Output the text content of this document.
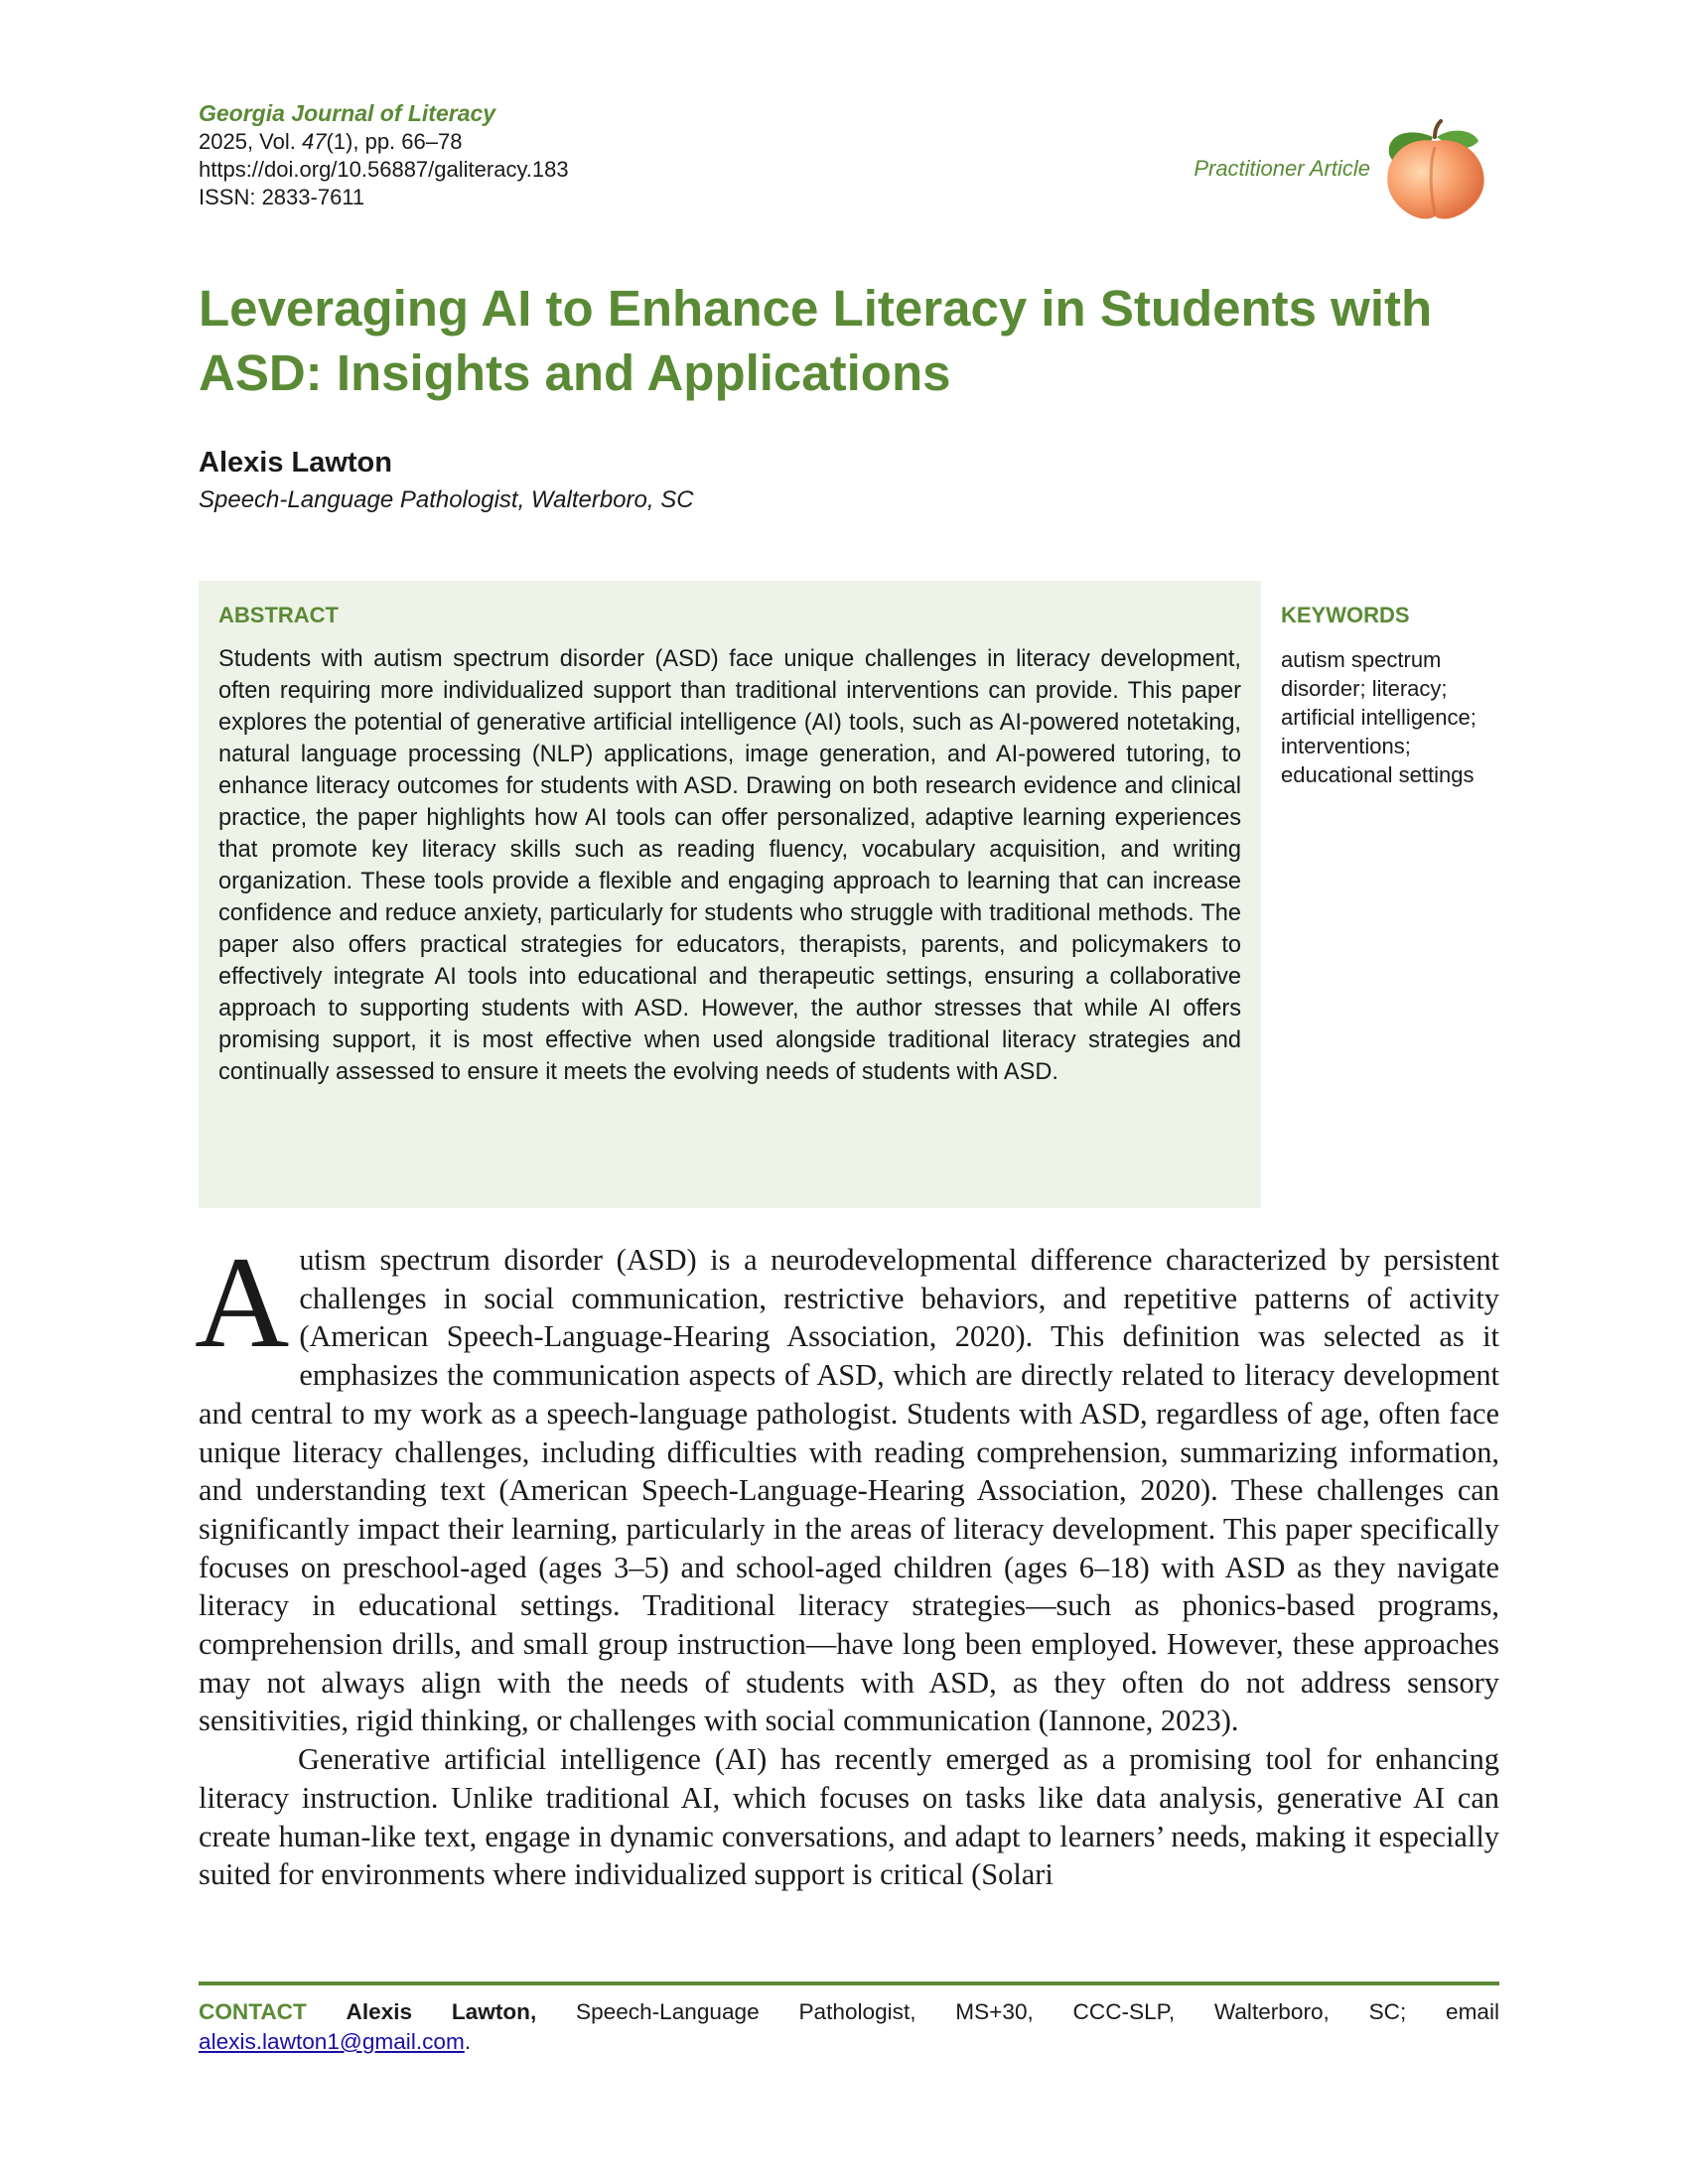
Georgia Journal of Literacy
2025, Vol. 47(1), pp. 66–78
https://doi.org/10.56887/galiteracy.183
ISSN: 2833-7611
Practitioner Article
Leveraging AI to Enhance Literacy in Students with ASD: Insights and Applications
Alexis Lawton
Speech-Language Pathologist, Walterboro, SC
ABSTRACT
Students with autism spectrum disorder (ASD) face unique challenges in literacy development, often requiring more individualized support than traditional interventions can provide. This paper explores the potential of generative artificial intelligence (AI) tools, such as AI-powered notetaking, natural language processing (NLP) applications, image generation, and AI-powered tutoring, to enhance literacy outcomes for students with ASD. Drawing on both research evidence and clinical practice, the paper highlights how AI tools can offer personalized, adaptive learning experiences that promote key literacy skills such as reading fluency, vocabulary acquisition, and writing organization. These tools provide a flexible and engaging approach to learning that can increase confidence and reduce anxiety, particularly for students who struggle with traditional methods. The paper also offers practical strategies for educators, therapists, parents, and policymakers to effectively integrate AI tools into educational and therapeutic settings, ensuring a collaborative approach to supporting students with ASD. However, the author stresses that while AI offers promising support, it is most effective when used alongside traditional literacy strategies and continually assessed to ensure it meets the evolving needs of students with ASD.
KEYWORDS
autism spectrum disorder; literacy; artificial intelligence; interventions; educational settings

Autism spectrum disorder (ASD) is a neurodevelopmental difference characterized by persistent challenges in social communication, restrictive behaviors, and repetitive patterns of activity (American Speech-Language-Hearing Association, 2020). This definition was selected as it emphasizes the communication aspects of ASD, which are directly related to literacy development and central to my work as a speech-language pathologist. Students with ASD, regardless of age, often face unique literacy challenges, including difficulties with reading comprehension, summarizing information, and understanding text (American Speech-Language-Hearing Association, 2020). These challenges can significantly impact their learning, particularly in the areas of literacy development. This paper specifically focuses on preschool-aged (ages 3–5) and school-aged children (ages 6–18) with ASD as they navigate literacy in educational settings. Traditional literacy strategies—such as phonics-based programs, comprehension drills, and small group instruction—have long been employed. However, these approaches may not always align with the needs of students with ASD, as they often do not address sensory sensitivities, rigid thinking, or challenges with social communication (Iannone, 2023).

Generative artificial intelligence (AI) has recently emerged as a promising tool for enhancing literacy instruction. Unlike traditional AI, which focuses on tasks like data analysis, generative AI can create human-like text, engage in dynamic conversations, and adapt to learners’ needs, making it especially suited for environments where individualized support is critical (Solari

CONTACT Alexis Lawton, Speech-Language Pathologist, MS+30, CCC-SLP, Walterboro, SC; email
alexis.lawton1@gmail.com.
